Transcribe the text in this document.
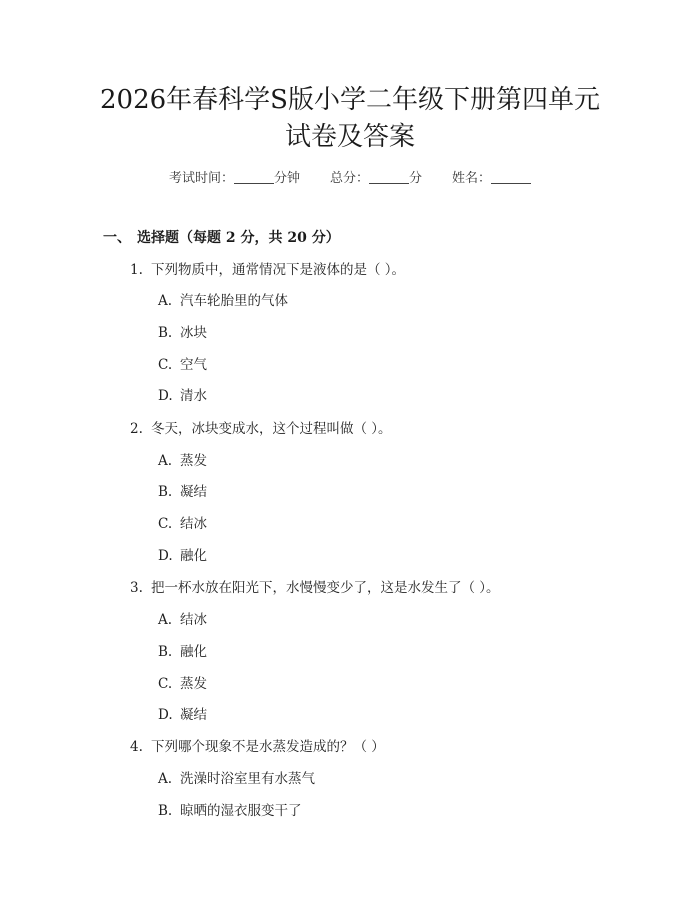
2026年春科学S版小学二年级下册第四单元
试卷及答案
考试时间：	分钟 总分：	分 姓名：
一、 选择题（每题 2 分，共 20 分）
1. 下列物质中，通常情况下是液体的是（ ）。
A. 汽车轮胎里的气体
B. 冰块
C. 空气
D. 清水
2. 冬天，冰块变成水，这个过程叫做（ ）。
A. 蒸发
B. 凝结
C. 结冰
D. 融化
3. 把一杯水放在阳光下，水慢慢变少了，这是水发生了（ ）。
A. 结冰
B. 融化
C. 蒸发
D. 凝结
4. 下列哪个现象不是水蒸发造成的？（ ）
A. 洗澡时浴室里有水蒸气
B. 晾晒的湿衣服变干了
